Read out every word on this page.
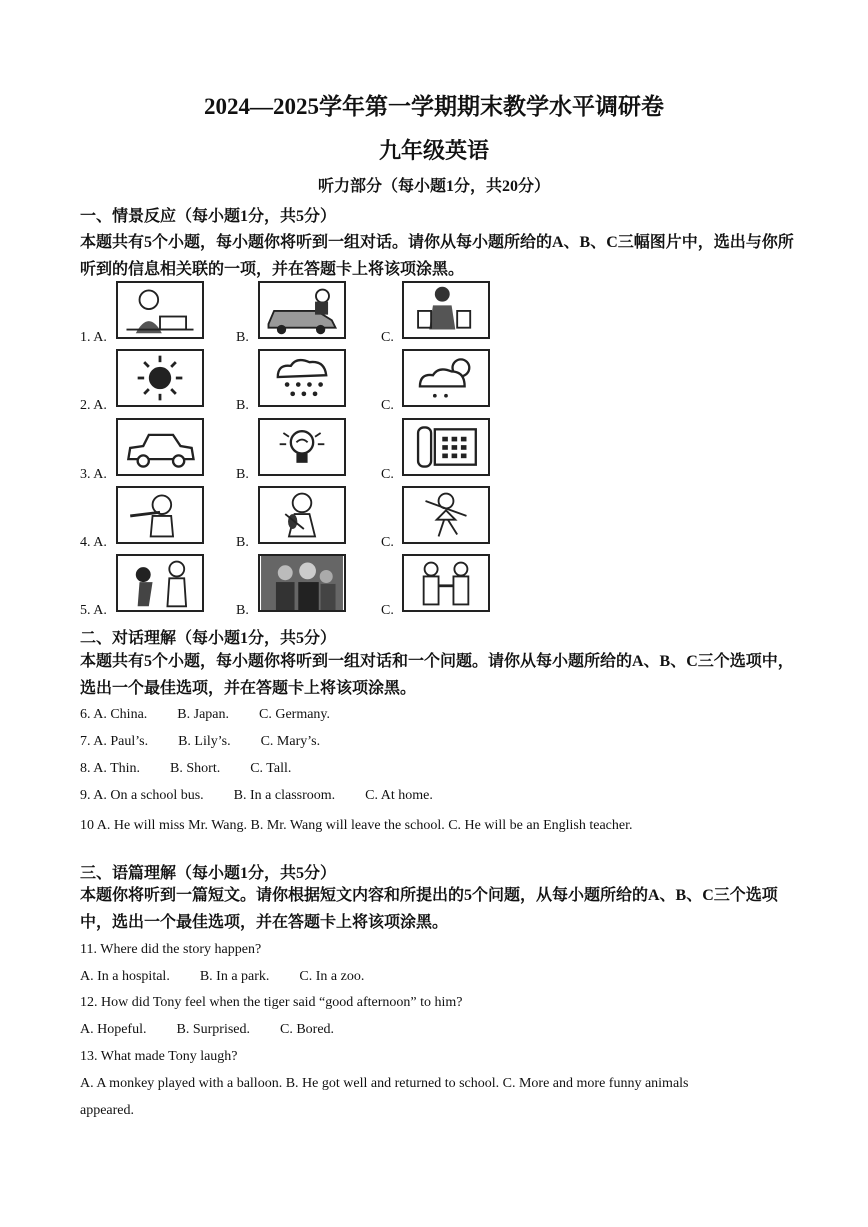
2024—2025学年第一学期期末教学水平调研卷
九年级英语
听力部分（每小题1分，共20分）
一、情景反应（每小题1分，共5分）
本题共有5个小题，每小题你将听到一组对话。请你从每小题所给的A、B、C三幅图片中，选出与你所听到的信息相关联的一项，并在答题卡上将该项涂黑。
1. A.	B.	C.
2. A.	B.	C.
3. A.	B.	C.
4. A.	B.	C.
5. A.	B.	C.
二、对话理解（每小题1分，共5分）
本题共有5个小题，每小题你将听到一组对话和一个问题。请你从每小题所给的A、B、C三个选项中，选出一个最佳选项，并在答题卡上将该项涂黑。
6. A. China. B. Japan. C. Germany.
7. A. Paul’s. B. Lily’s. C. Mary’s.
8. A. Thin. B. Short. C. Tall.
9. A. On a school bus. B. In a classroom. C. At home.
10 A. He will miss Mr. Wang. B. Mr. Wang will leave the school. C. He will be an English teacher.
三、语篇理解（每小题1分，共5分）
本题你将听到一篇短文。请你根据短文内容和所提出的5个问题，从每小题所给的A、B、C三个选项中，选出一个最佳选项，并在答题卡上将该项涂黑。
11. Where did the story happen?
A. In a hospital. B. In a park. C. In a zoo.
12. How did Tony feel when the tiger said “good afternoon” to him?
A. Hopeful. B. Surprised. C. Bored.
13. What made Tony laugh?
A. A monkey played with a balloon. B. He got well and returned to school. C. More and more funny animals
appeared.
